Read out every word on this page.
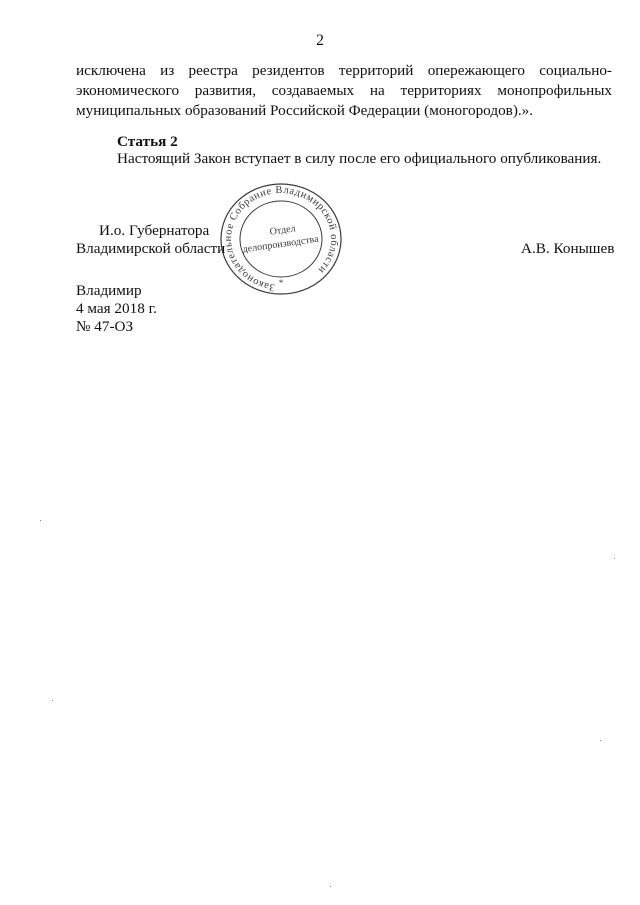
2
исключена из реестра резидентов территорий опережающего социально-
экономического развития, создаваемых на территориях монопрофильных
муниципальных образований Российской Федерации (моногородов).».
Статья 2
Настоящий Закон вступает в силу после его официального опубликования.
И.о. Губернатора
Владимирской области	А.В. Конышев
Законодательное Собрание Владимирской области
*
Отдел
делопроизводства
Владимир
4 мая 2018 г.
№ 47-ОЗ
